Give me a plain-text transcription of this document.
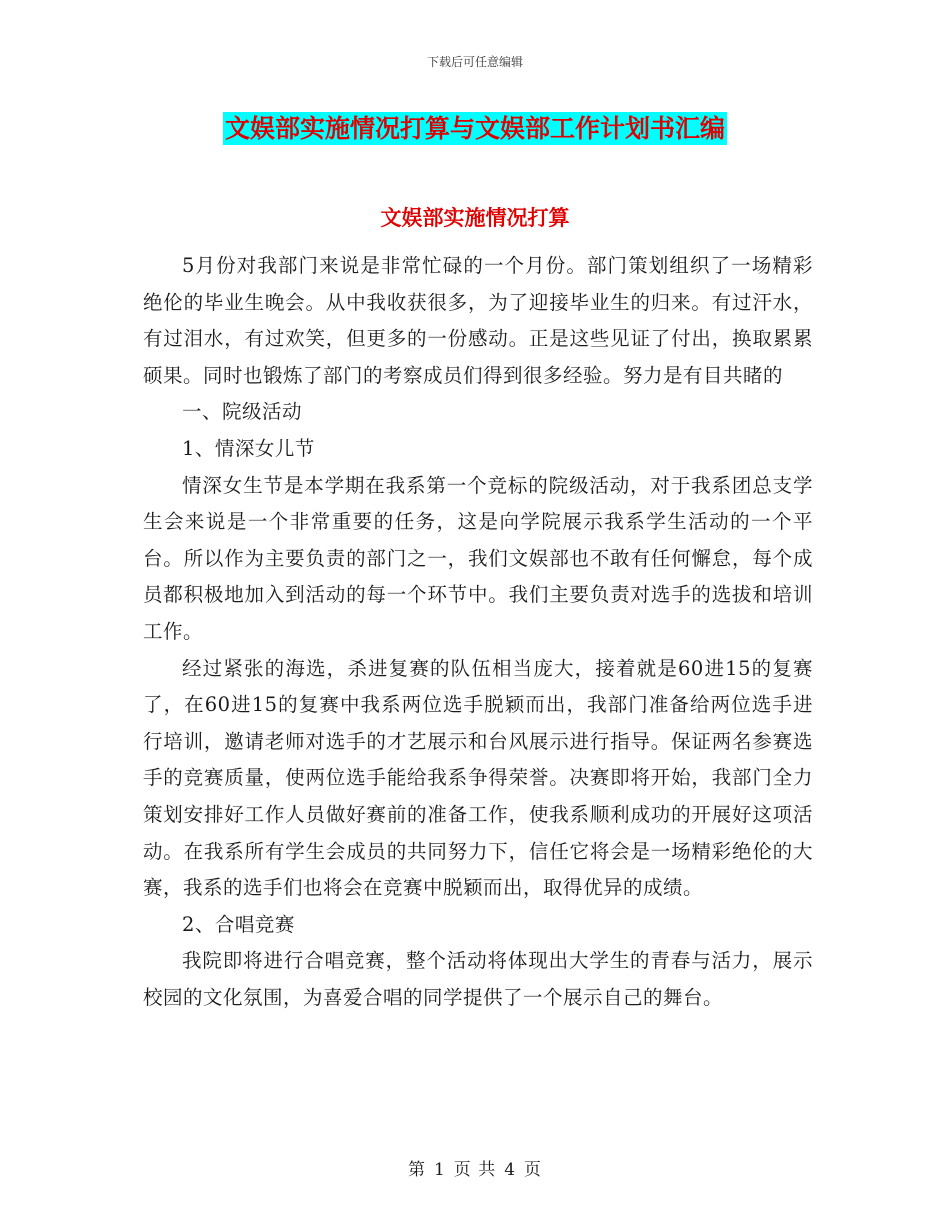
下载后可任意编辑
文娱部实施情况打算与文娱部工作计划书汇编
文娱部实施情况打算

5月份对我部门来说是非常忙碌的一个月份。部门策划组织了一场精彩绝伦的毕业生晚会。从中我收获很多，为了迎接毕业生的归来。有过汗水，有过泪水，有过欢笑，但更多的一份感动。正是这些见证了付出，换取累累硕果。同时也锻炼了部门的考察成员们得到很多经验。努力是有目共睹的

一、院级活动

1、情深女儿节

情深女生节是本学期在我系第一个竞标的院级活动，对于我系团总支学生会来说是一个非常重要的任务，这是向学院展示我系学生活动的一个平台。所以作为主要负责的部门之一，我们文娱部也不敢有任何懈怠，每个成员都积极地加入到活动的每一个环节中。我们主要负责对选手的选拔和培训工作。

经过紧张的海选，杀进复赛的队伍相当庞大，接着就是60进15的复赛了，在60进15的复赛中我系两位选手脱颖而出，我部门准备给两位选手进行培训，邀请老师对选手的才艺展示和台风展示进行指导。保证两名参赛选手的竞赛质量，使两位选手能给我系争得荣誉。决赛即将开始，我部门全力策划安排好工作人员做好赛前的准备工作，使我系顺利成功的开展好这项活动。在我系所有学生会成员的共同努力下，信任它将会是一场精彩绝伦的大赛，我系的选手们也将会在竞赛中脱颖而出，取得优异的成绩。

2、合唱竞赛

我院即将进行合唱竞赛，整个活动将体现出大学生的青春与活力，展示校园的文化氛围，为喜爱合唱的同学提供了一个展示自己的舞台。

第 1 页 共 4 页
